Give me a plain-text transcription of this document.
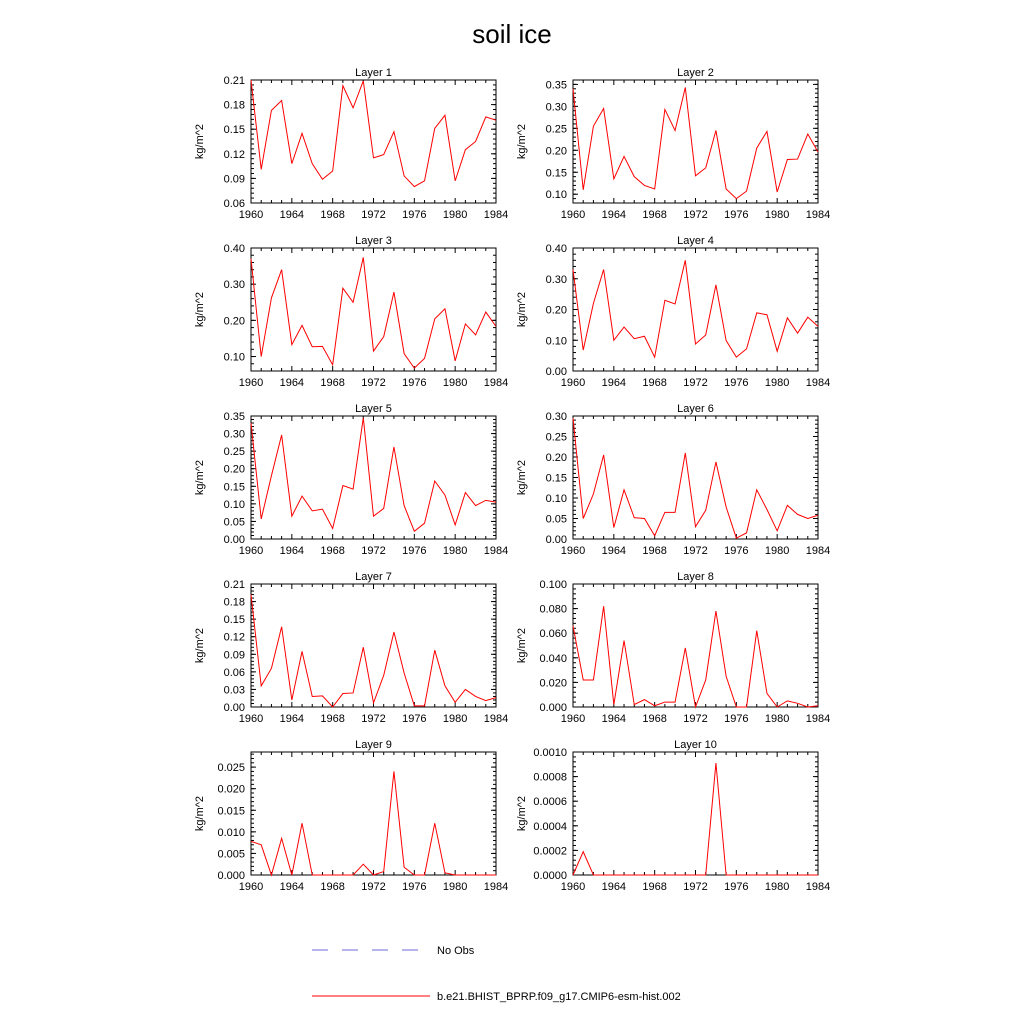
soil ice
Layer 1
kg/m^2
1960 1964 1968 1972 1976 1980 1984
0.06
0.09
0.12
0.15
0.18
0.21
Layer 2
kg/m^2
1960 1964 1968 1972 1976 1980 1984
0.10
0.15
0.20
0.25
0.30
0.35
Layer 3
kg/m^2
1960 1964 1968 1972 1976 1980 1984
0.10
0.20
0.30
0.40
Layer 4
kg/m^2
1960 1964 1968 1972 1976 1980 1984
0.00
0.10
0.20
0.30
0.40
Layer 5
kg/m^2
1960 1964 1968 1972 1976 1980 1984
0.00
0.05
0.10
0.15
0.20
0.25
0.30
0.35
Layer 6
kg/m^2
1960 1964 1968 1972 1976 1980 1984
0.00
0.05
0.10
0.15
0.20
0.25
0.30
Layer 7
kg/m^2
1960 1964 1968 1972 1976 1980 1984
0.00
0.03
0.06
0.09
0.12
0.15
0.18
0.21
Layer 8
kg/m^2
1960 1964 1968 1972 1976 1980 1984
0.000
0.020
0.040
0.060
0.080
0.100
Layer 9
kg/m^2
1960 1964 1968 1972 1976 1980 1984
0.000
0.005
0.010
0.015
0.020
0.025
Layer 10
kg/m^2
1960 1964 1968 1972 1976 1980 1984
0.0000
0.0002
0.0004
0.0006
0.0008
0.0010
No Obs
b.e21.BHIST_BPRP.f09_g17.CMIP6-esm-hist.002
